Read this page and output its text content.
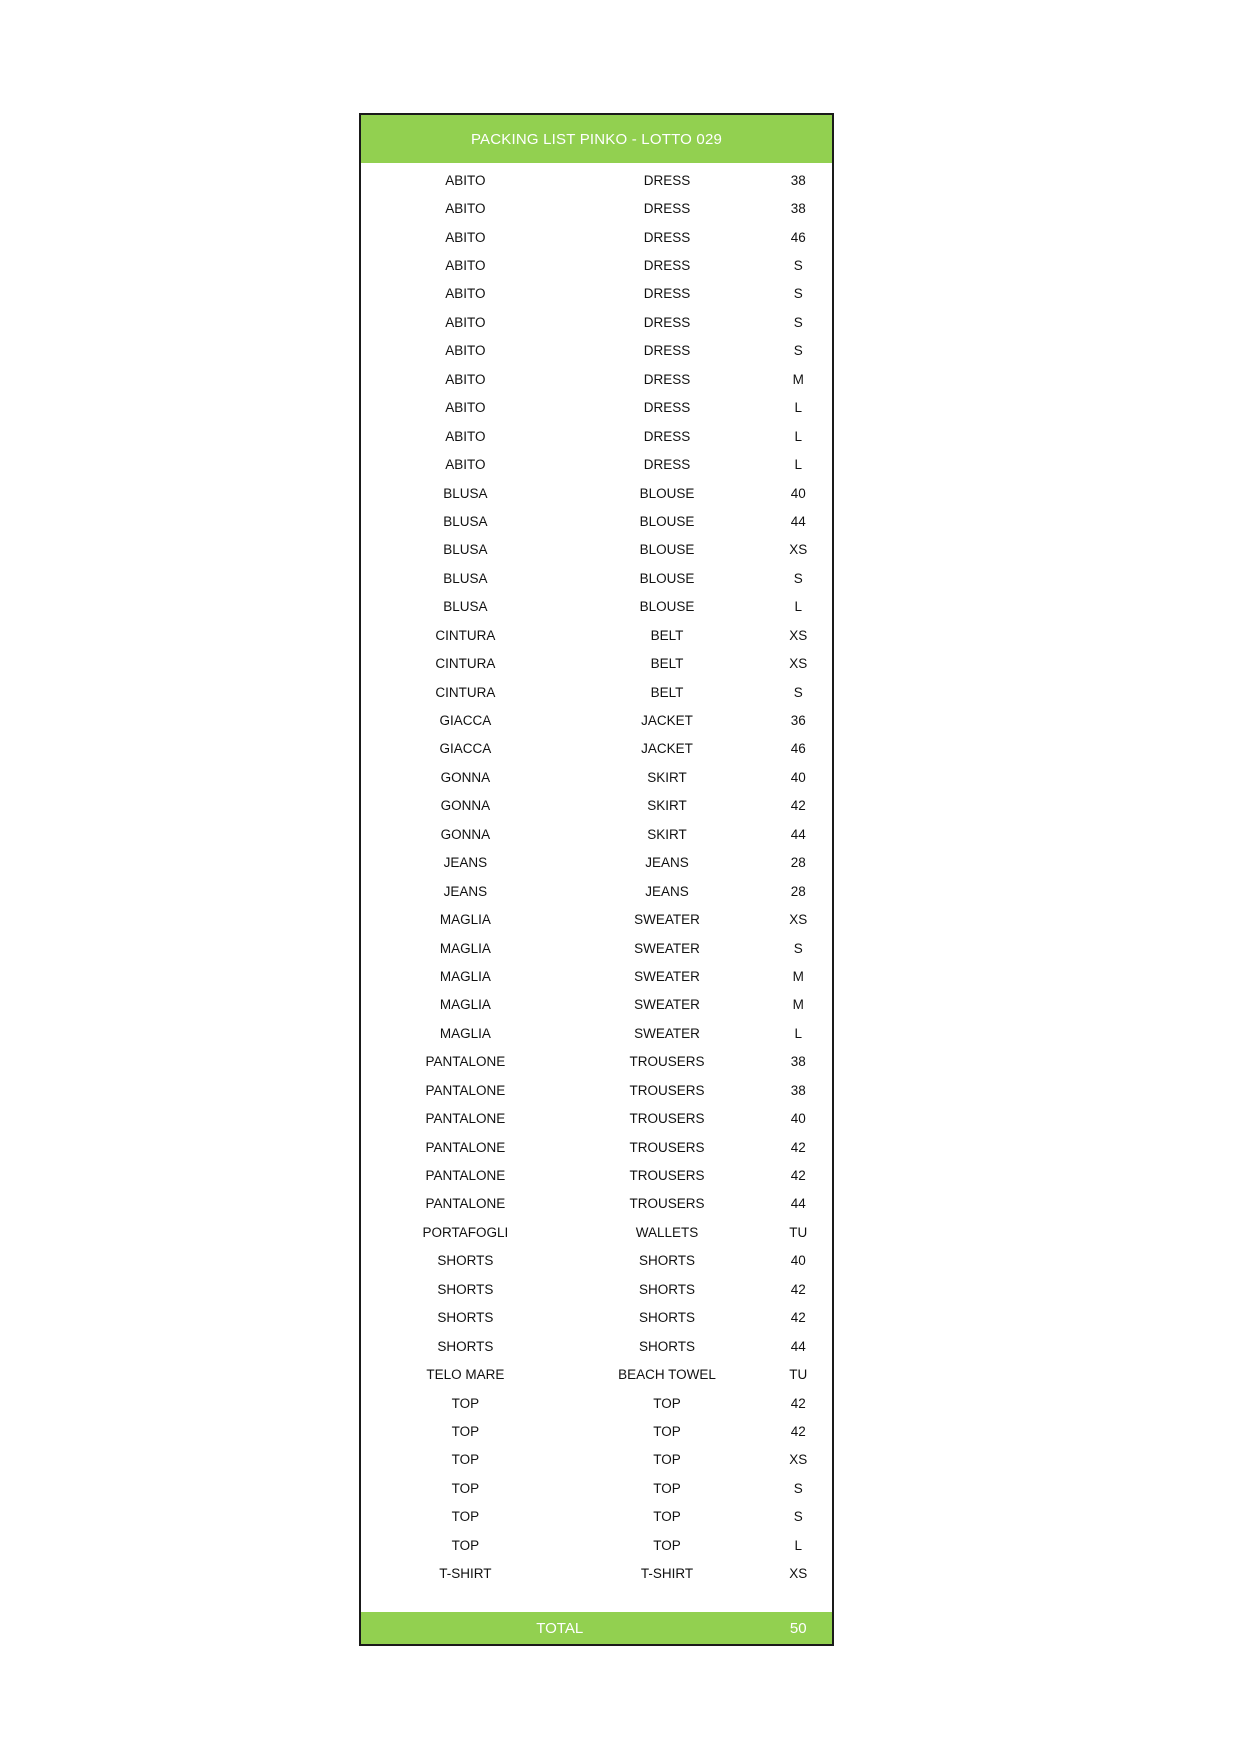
PACKING LIST PINKO - LOTTO 029
ABITO	DRESS	38
ABITO	DRESS	38
ABITO	DRESS	46
ABITO	DRESS	S
ABITO	DRESS	S
ABITO	DRESS	S
ABITO	DRESS	S
ABITO	DRESS	M
ABITO	DRESS	L
ABITO	DRESS	L
ABITO	DRESS	L
BLUSA	BLOUSE	40
BLUSA	BLOUSE	44
BLUSA	BLOUSE	XS
BLUSA	BLOUSE	S
BLUSA	BLOUSE	L
CINTURA	BELT	XS
CINTURA	BELT	XS
CINTURA	BELT	S
GIACCA	JACKET	36
GIACCA	JACKET	46
GONNA	SKIRT	40
GONNA	SKIRT	42
GONNA	SKIRT	44
JEANS	JEANS	28
JEANS	JEANS	28
MAGLIA	SWEATER	XS
MAGLIA	SWEATER	S
MAGLIA	SWEATER	M
MAGLIA	SWEATER	M
MAGLIA	SWEATER	L
PANTALONE	TROUSERS	38
PANTALONE	TROUSERS	38
PANTALONE	TROUSERS	40
PANTALONE	TROUSERS	42
PANTALONE	TROUSERS	42
PANTALONE	TROUSERS	44
PORTAFOGLI	WALLETS	TU
SHORTS	SHORTS	40
SHORTS	SHORTS	42
SHORTS	SHORTS	42
SHORTS	SHORTS	44
TELO MARE	BEACH TOWEL	TU
TOP	TOP	42
TOP	TOP	42
TOP	TOP	XS
TOP	TOP	S
TOP	TOP	S
TOP	TOP	L
T-SHIRT	T-SHIRT	XS
TOTAL	50
